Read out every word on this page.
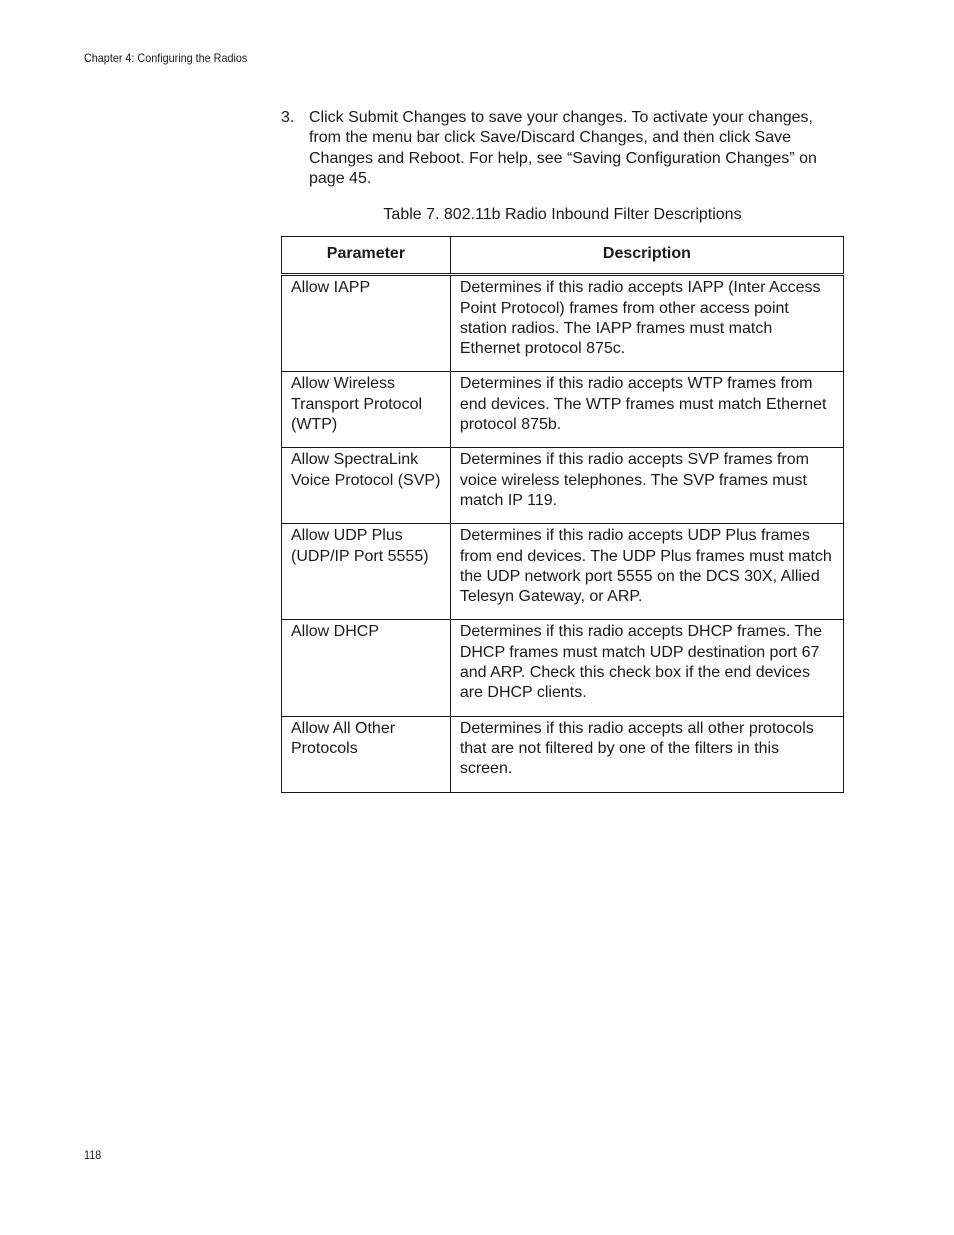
Chapter 4: Configuring the Radios
3. Click Submit Changes to save your changes. To activate your changes, from the menu bar click Save/Discard Changes, and then click Save Changes and Reboot. For help, see “Saving Configuration Changes” on page 45.
Table 7. 802.11b Radio Inbound Filter Descriptions
Parameter	Description
Allow IAPP	Determines if this radio accepts IAPP (Inter Access Point Protocol) frames from other access point station radios. The IAPP frames must match Ethernet protocol 875c.
Allow Wireless Transport Protocol (WTP)	Determines if this radio accepts WTP frames from end devices. The WTP frames must match Ethernet protocol 875b.
Allow SpectraLink Voice Protocol (SVP)	Determines if this radio accepts SVP frames from voice wireless telephones. The SVP frames must match IP 119.
Allow UDP Plus (UDP/IP Port 5555)	Determines if this radio accepts UDP Plus frames from end devices. The UDP Plus frames must match the UDP network port 5555 on the DCS 30X, Allied Telesyn Gateway, or ARP.
Allow DHCP	Determines if this radio accepts DHCP frames. The DHCP frames must match UDP destination port 67 and ARP. Check this check box if the end devices are DHCP clients.
Allow All Other Protocols	Determines if this radio accepts all other protocols that are not filtered by one of the filters in this screen.
118
